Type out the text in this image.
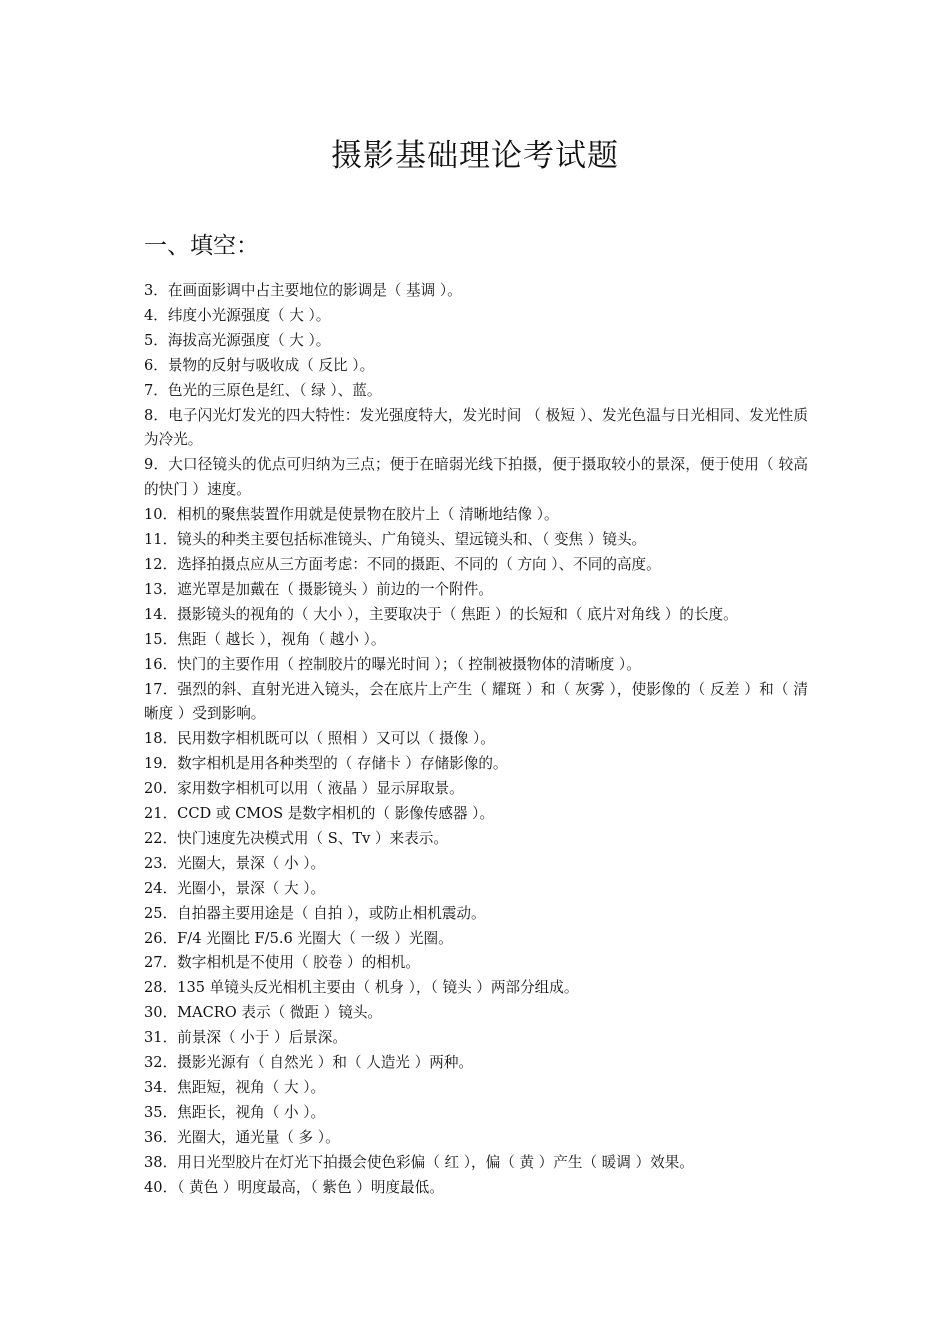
摄影基础理论考试题
一、填空：
3．在画面影调中占主要地位的影调是（ 基调 ）。
4．纬度小光源强度（ 大 ）。
5．海拔高光源强度（ 大 ）。
6．景物的反射与吸收成（ 反比 ）。
7．色光的三原色是红、（ 绿 ）、蓝。
8．电子闪光灯发光的四大特性：发光强度特大，发光时间 （ 极短 ）、发光色温与日光相同、发光性质为冷光。
9．大口径镜头的优点可归纳为三点；便于在暗弱光线下拍摄，便于摄取较小的景深，便于使用（ 较高的快门 ）速度。
10．相机的聚焦装置作用就是使景物在胶片上（ 清晰地结像 ）。
11．镜头的种类主要包括标准镜头、广角镜头、望远镜头和、（ 变焦 ）镜头。
12．选择拍摄点应从三方面考虑：不同的摄距、不同的（ 方向 ）、不同的高度。
13．遮光罩是加戴在（ 摄影镜头 ）前边的一个附件。
14．摄影镜头的视角的（ 大小 ），主要取决于（ 焦距 ）的长短和（ 底片对角线 ）的长度。
15．焦距（ 越长 ），视角（ 越小 ）。
16．快门的主要作用（ 控制胶片的曝光时间 ）；（ 控制被摄物体的清晰度 ）。
17．强烈的斜、直射光进入镜头，会在底片上产生（ 耀斑 ）和（ 灰雾 ），使影像的（ 反差 ）和（ 清晰度 ）受到影响。
18．民用数字相机既可以（ 照相 ）又可以（ 摄像 ）。
19．数字相机是用各种类型的（ 存储卡 ）存储影像的。
20．家用数字相机可以用（ 液晶 ）显示屏取景。
21．CCD 或 CMOS 是数字相机的（ 影像传感器 ）。
22．快门速度先决模式用（ S、Tv ）来表示。
23．光圈大，景深（ 小 ）。
24．光圈小，景深（ 大 ）。
25．自拍器主要用途是（ 自拍 ），或防止相机震动。
26．F/4 光圈比 F/5.6 光圈大（ 一级 ）光圈。
27．数字相机是不使用（ 胶卷 ）的相机。
28．135 单镜头反光相机主要由（ 机身 ），（ 镜头 ）两部分组成。
30．MACRO 表示（ 微距 ）镜头。
31．前景深（ 小于 ）后景深。
32．摄影光源有（ 自然光 ）和（ 人造光 ）两种。
34．焦距短，视角（ 大 ）。
35．焦距长，视角（ 小 ）。
36．光圈大，通光量（ 多 ）。
38．用日光型胶片在灯光下拍摄会使色彩偏（ 红 ），偏（ 黄 ）产生（ 暖调 ）效果。
40．（ 黄色 ）明度最高，（ 紫色 ）明度最低。
